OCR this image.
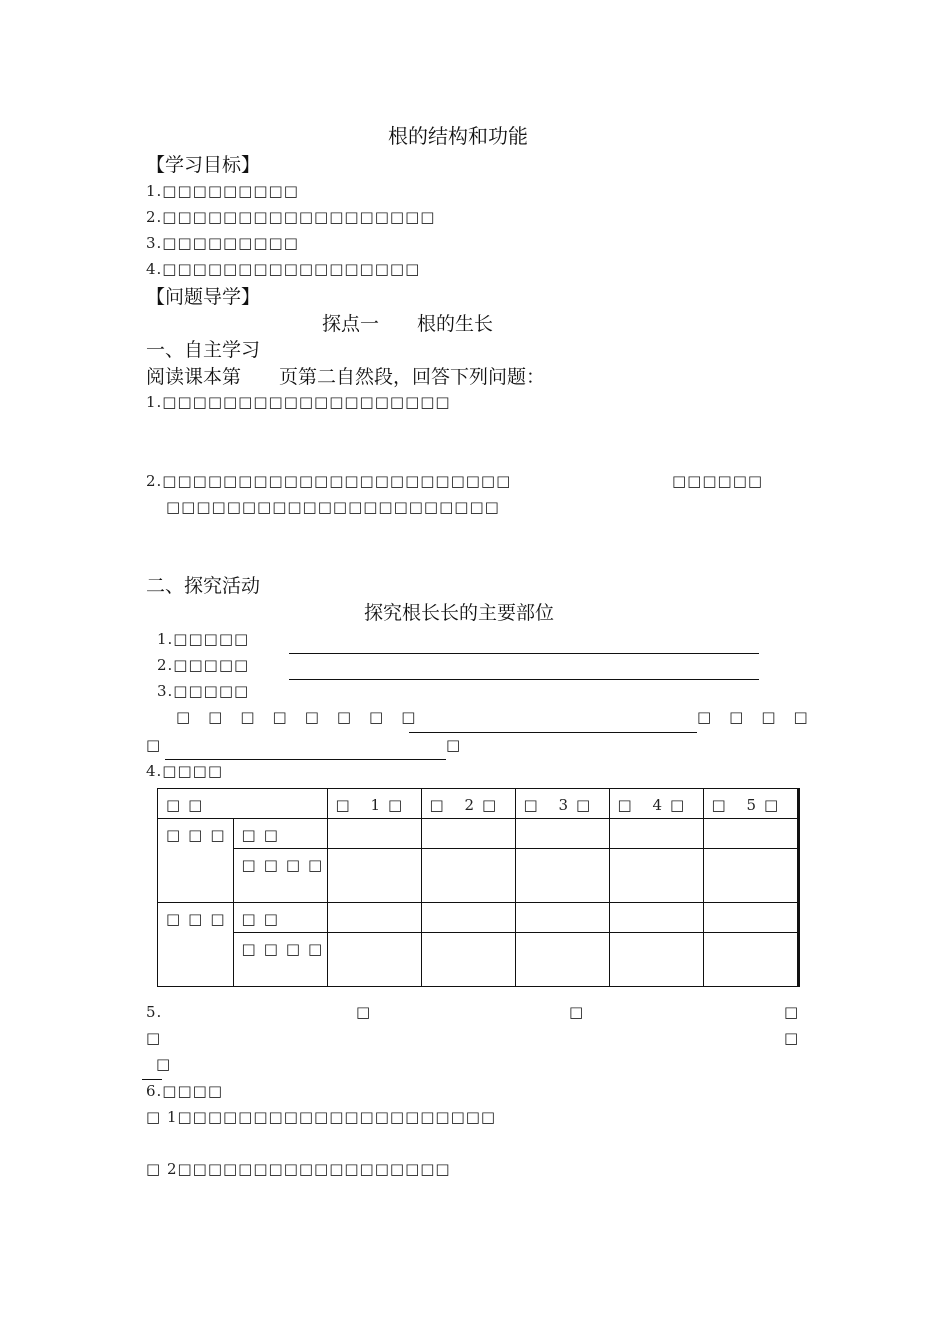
根的结构和功能
【学习目标】
1.□□□□□□□□□
2.□□□□□□□□□□□□□□□□□□
3.□□□□□□□□□
4.□□□□□□□□□□□□□□□□□
【问题导学】
探点一　　根的生长
一、自主学习
阅读课本第　　页第二自然段，回答下列问题：
1.□□□□□□□□□□□□□□□□□□□
2.□□□□□□□□□□□□□□□□□□□□□□□	□□□□□□
□□□□□□□□□□□□□□□□□□□□□□
二、探究活动
探究根长长的主要部位
1.□□□□□
2.□□□□□
3.□□□□□
□□□□□□□□	□□□□
□	□
4.□□□□
□□		□ 1□	□ 2□	□ 3□	□ 4□	□ 5□

□□□	□□					

	□□□□					

□□□	□□					

	□□□□					

5.	□	□	□
□	□
□
6.□□□□
□ 1□□□□□□□□□□□□□□□□□□□□□
□ 2□□□□□□□□□□□□□□□□□□
